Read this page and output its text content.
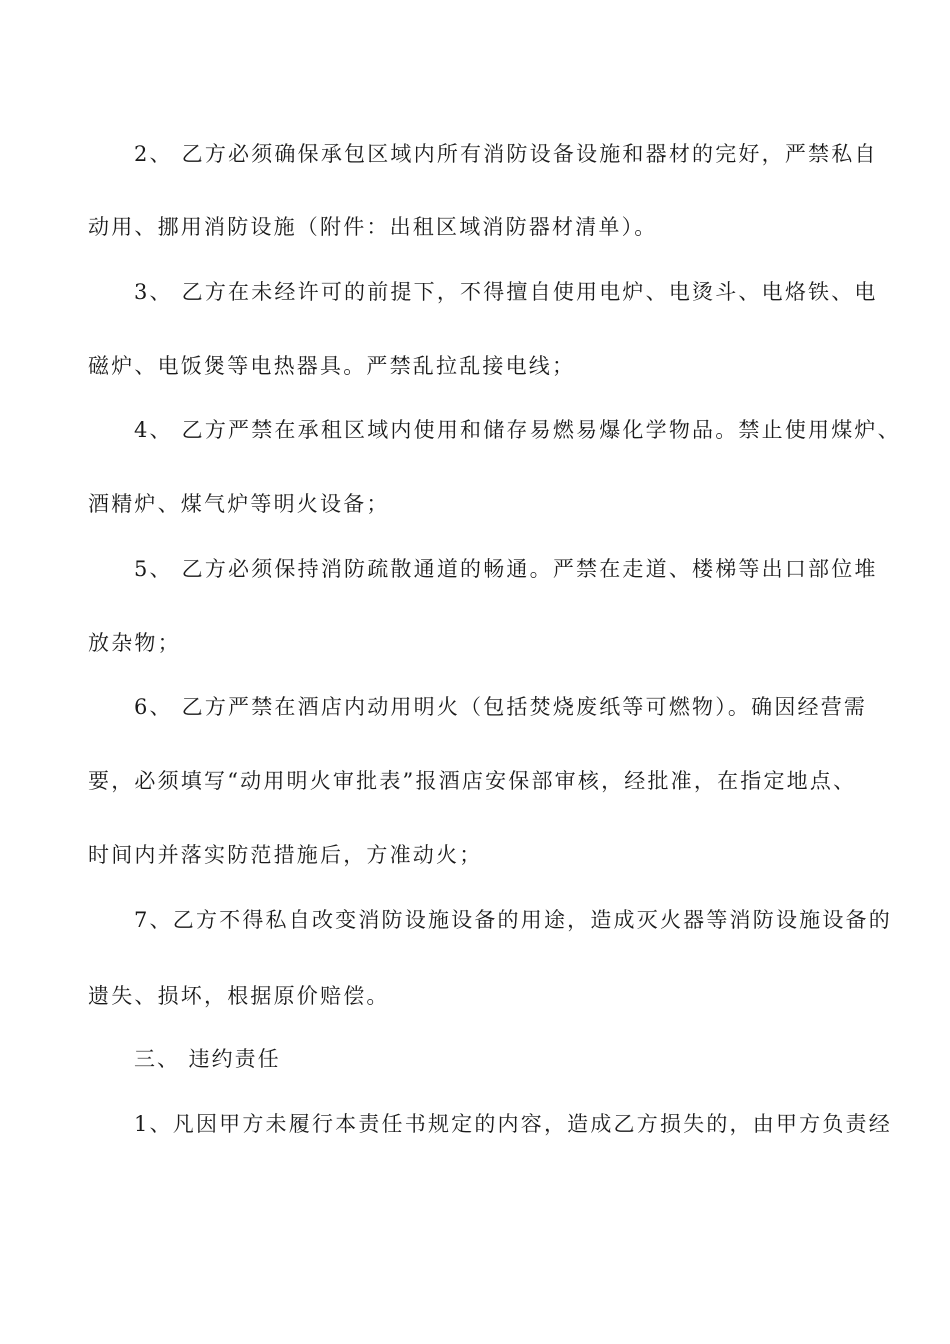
2、 乙方必须确保承包区域内所有消防设备设施和器材的完好，严禁私自
动用、挪用消防设施（附件：出租区域消防器材清单）。
3、 乙方在未经许可的前提下，不得擅自使用电炉、电烫斗、电烙铁、电
磁炉、电饭煲等电热器具。严禁乱拉乱接电线；
4、 乙方严禁在承租区域内使用和储存易燃易爆化学物品。禁止使用煤炉、
酒精炉、煤气炉等明火设备；
5、 乙方必须保持消防疏散通道的畅通。严禁在走道、楼梯等出口部位堆
放杂物；
6、 乙方严禁在酒店内动用明火（包括焚烧废纸等可燃物）。确因经营需
要，必须填写“动用明火审批表”报酒店安保部审核，经批准，在指定地点、
时间内并落实防范措施后，方准动火；
7、乙方不得私自改变消防设施设备的用途，造成灭火器等消防设施设备的
遗失、损坏，根据原价赔偿。
三、 违约责任
1、凡因甲方未履行本责任书规定的内容，造成乙方损失的，由甲方负责经
